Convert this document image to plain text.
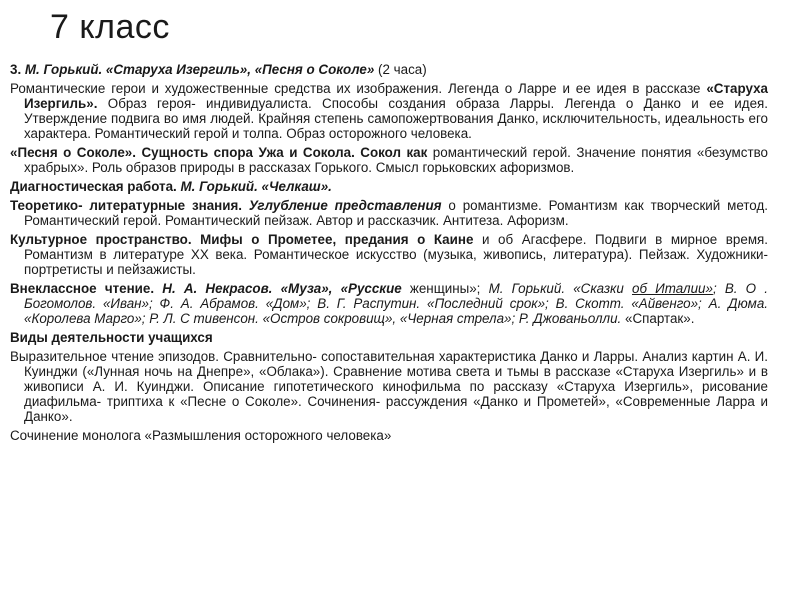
7 класс

3. М. Горький. «Старуха Изергиль», «Песня о Соколе» (2 часа)

Романтические герои и художественные средства их изображения. Легенда о Ларре и ее идея в рассказе «Старуха Изергиль». Образ героя- индивидуалиста. Способы создания образа Ларры. Легенда о Данко и ее идея. Утверждение подвига во имя людей. Крайняя степень самопожертвования Данко, исключительность, идеальность его характера. Романтический герой и толпа. Образ осторожного человека.

«Песня о Соколе». Сущность спора Ужа и Сокола. Сокол как романтический герой. Значение понятия «безумство храбрых». Роль образов природы в рассказах Горького. Смысл горьковских афоризмов.

Диагностическая работа. М. Горький. «Челкаш».

Теоретико- литературные знания. Углубление представления о романтизме. Романтизм как творческий метод. Романтический герой. Романтический пейзаж. Автор и рассказчик. Антитеза. Афоризм.

Культурное пространство. Мифы о Прометее, предания о Каине и об Агасфере. Подвиги в мирное время. Романтизм в литературе XX века. Романтическое искусство (музыка, живопись, литература). Пейзаж. Художники- портретисты и пейзажисты.

Внеклассное чтение. Н. А. Некрасов. «Муза», «Русские женщины»; М. Горький. «Сказки об Италии»; В. О . Богомолов. «Иван»; Ф. А. Абрамов. «Дом»; В. Г. Распутин. «Последний срок»; В. Скотт. «Айвенго»; А. Дюма. «Королева Марго»; Р. Л. С тивенсон. «Остров сокровищ», «Черная стрела»; Р. Джованьолли. «Спартак».

Виды деятельности учащихся

Выразительное чтение эпизодов. Сравнительно- сопоставительная характеристика Данко и Ларры. Анализ картин А. И. Куинджи («Лунная ночь на Днепре», «Облака»). Сравнение мотива света и тьмы в рассказе «Старуха Изергиль» и в живописи А. И. Куинджи. Описание гипотетического кинофильма по рассказу «Старуха Изергиль», рисование диафильма- триптиха к «Песне о Соколе». Сочинения- рассуждения «Данко и Прометей», «Современные Ларра и Данко».

Сочинение монолога «Размышления осторожного человека»
